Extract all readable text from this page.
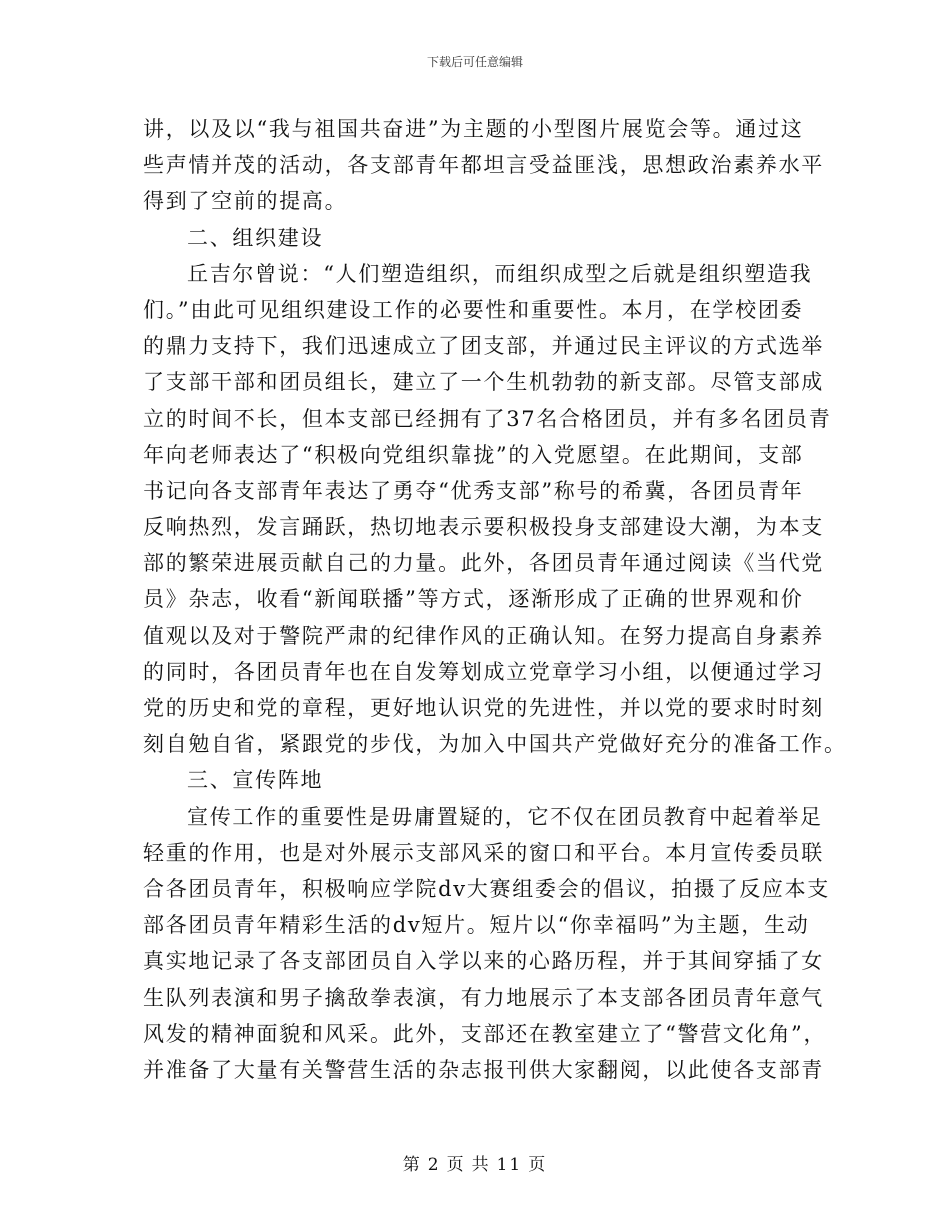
下载后可任意编辑
讲，以及以“我与祖国共奋进”为主题的小型图片展览会等。通过这
些声情并茂的活动，各支部青年都坦言受益匪浅，思想政治素养水平
得到了空前的提高。
二、组织建设
丘吉尔曾说：“人们塑造组织，而组织成型之后就是组织塑造我
们。”由此可见组织建设工作的必要性和重要性。本月，在学校团委
的鼎力支持下，我们迅速成立了团支部，并通过民主评议的方式选举
了支部干部和团员组长，建立了一个生机勃勃的新支部。尽管支部成
立的时间不长，但本支部已经拥有了37名合格团员，并有多名团员青
年向老师表达了“积极向党组织靠拢”的入党愿望。在此期间，支部
书记向各支部青年表达了勇夺“优秀支部”称号的希冀，各团员青年
反响热烈，发言踊跃，热切地表示要积极投身支部建设大潮，为本支
部的繁荣进展贡献自己的力量。此外，各团员青年通过阅读《当代党
员》杂志，收看“新闻联播”等方式，逐渐形成了正确的世界观和价
值观以及对于警院严肃的纪律作风的正确认知。在努力提高自身素养
的同时，各团员青年也在自发筹划成立党章学习小组，以便通过学习
党的历史和党的章程，更好地认识党的先进性，并以党的要求时时刻
刻自勉自省，紧跟党的步伐，为加入中国共产党做好充分的准备工作。
三、宣传阵地
宣传工作的重要性是毋庸置疑的，它不仅在团员教育中起着举足
轻重的作用，也是对外展示支部风采的窗口和平台。本月宣传委员联
合各团员青年，积极响应学院dv大赛组委会的倡议，拍摄了反应本支
部各团员青年精彩生活的dv短片。短片以“你幸福吗”为主题，生动
真实地记录了各支部团员自入学以来的心路历程，并于其间穿插了女
生队列表演和男子擒敌拳表演，有力地展示了本支部各团员青年意气
风发的精神面貌和风采。此外，支部还在教室建立了“警营文化角”，
并准备了大量有关警营生活的杂志报刊供大家翻阅，以此使各支部青
第 2 页 共 11 页
